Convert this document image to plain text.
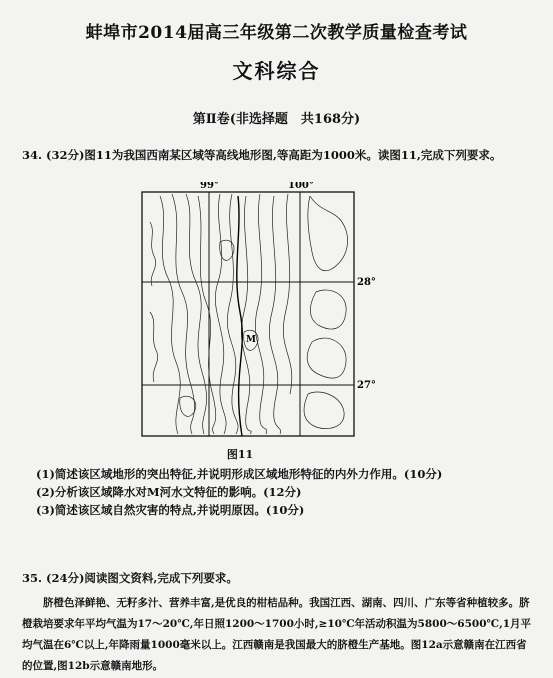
蚌埠市2014届高三年级第二次教学质量检查考试
文科综合
第Ⅱ卷(非选择题　共168分)
34. (32分)图11为我国西南某区域等高线地形图,等高距为1000米。读图11,完成下列要求。
M
99°	100°
28°
27°
图11
(1)简述该区域地形的突出特征,并说明形成区域地形特征的内外力作用。(10分)
(2)分析该区域降水对M河水文特征的影响。(12分)
(3)简述该区域自然灾害的特点,并说明原因。(10分)
35. (24分)阅读图文资料,完成下列要求。
脐橙色泽鲜艳、无籽多汁、营养丰富,是优良的柑桔品种。我国江西、湖南、四川、广东等省种植较多。脐橙栽培要求年平均气温为17～20℃,年日照1200～1700小时,≥10℃年活动积温为5800～6500℃,1月平均气温在6℃以上,年降雨量1000毫米以上。江西赣南是我国最大的脐橙生产基地。图12a示意赣南在江西省的位置,图12b示意赣南地形。
